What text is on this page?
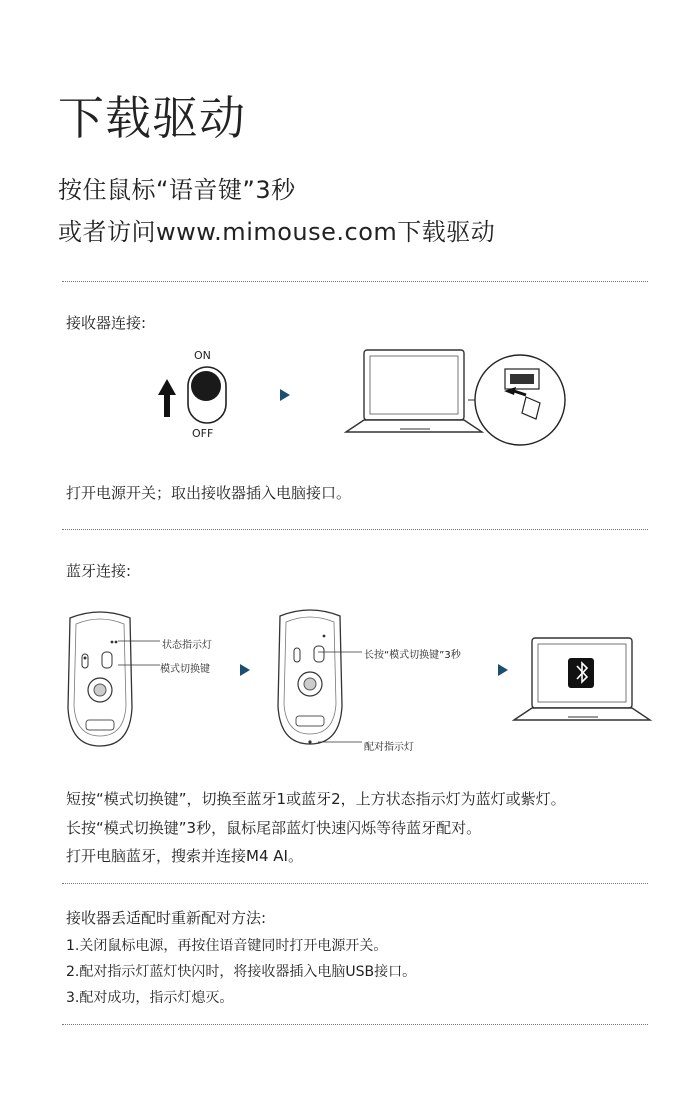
下载驱动
按住鼠标“语音键”3秒
或者访问www.mimouse.com下载驱动
接收器连接:
ON
OFF
打开电源开关；取出接收器插入电脑接口。
蓝牙连接:
状态指示灯
模式切换键
长按“模式切换键”3秒
配对指示灯
短按“模式切换键”，切换至蓝牙1或蓝牙2，上方状态指示灯为蓝灯或紫灯。
长按“模式切换键”3秒，鼠标尾部蓝灯快速闪烁等待蓝牙配对。
打开电脑蓝牙，搜索并连接M4 AI。
接收器丢适配时重新配对方法:
1.关闭鼠标电源，再按住语音键同时打开电源开关。
2.配对指示灯蓝灯快闪时，将接收器插入电脑USB接口。
3.配对成功，指示灯熄灭。
